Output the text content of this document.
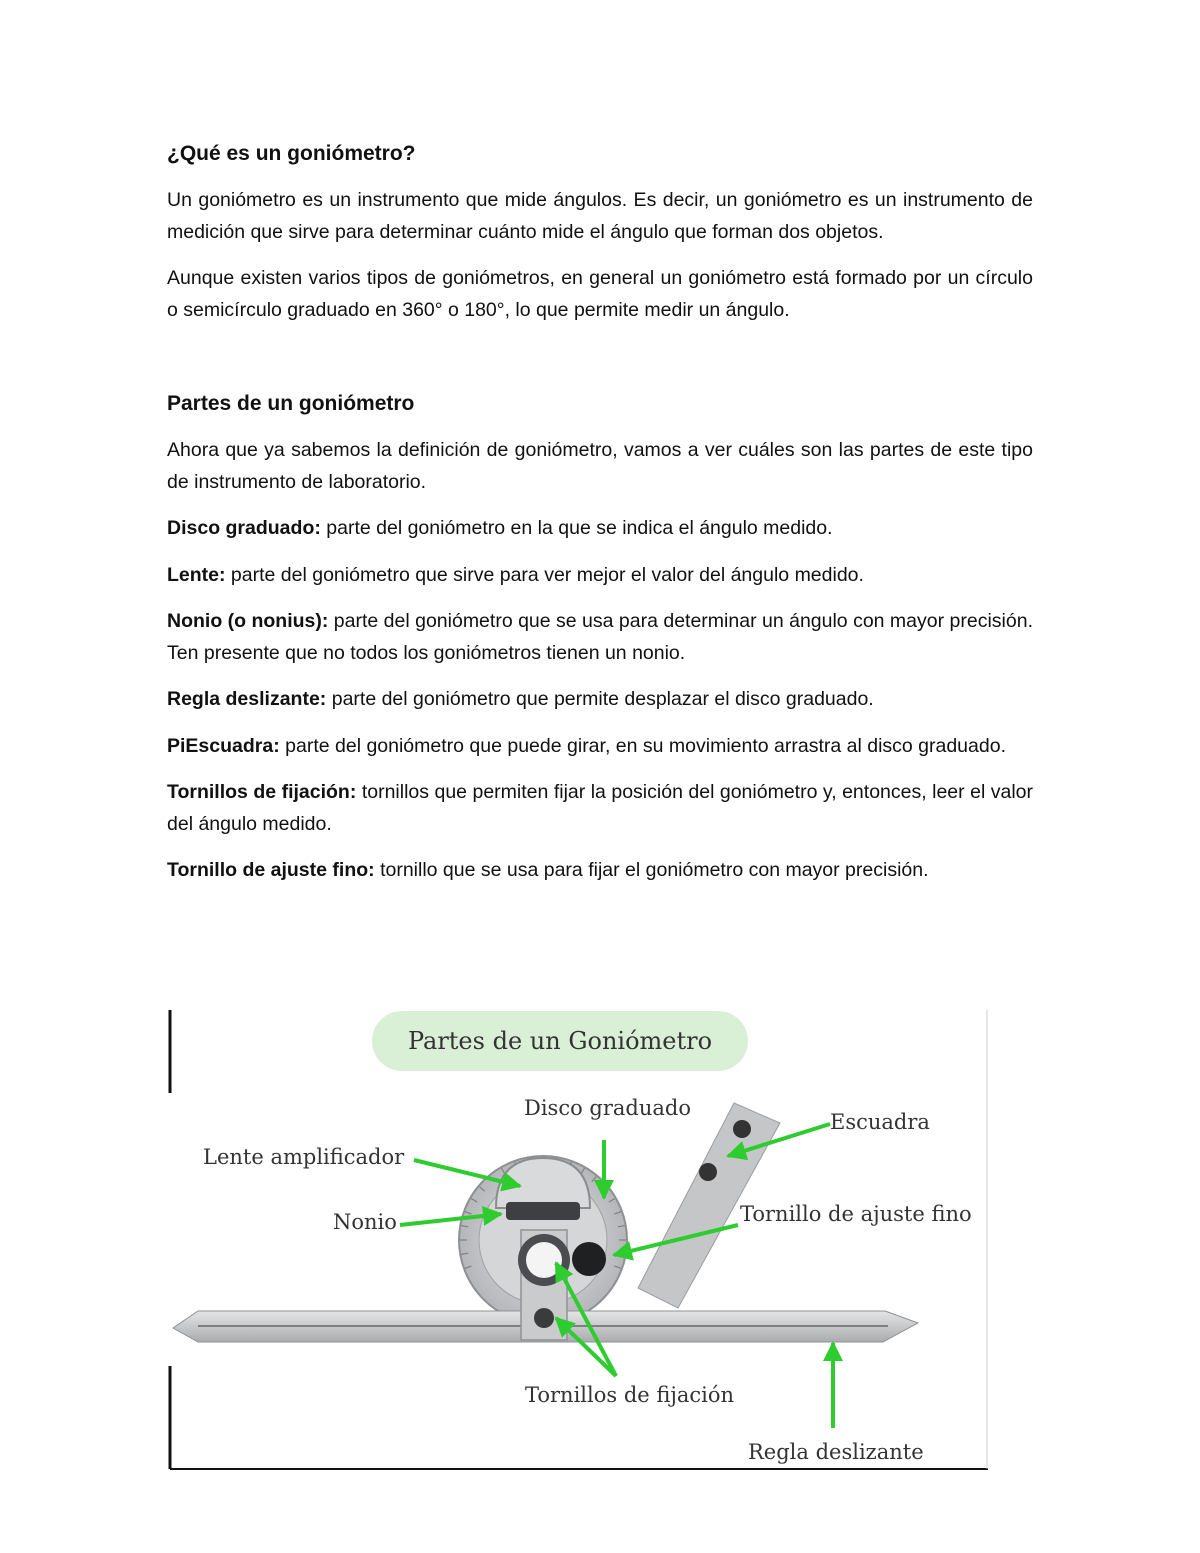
¿Qué es un goniómetro?

Un goniómetro es un instrumento que mide ángulos. Es decir, un goniómetro es un instrumento de medición que sirve para determinar cuánto mide el ángulo que forman dos objetos.

Aunque existen varios tipos de goniómetros, en general un goniómetro está formado por un círculo o semicírculo graduado en 360° o 180°, lo que permite medir un ángulo.

Partes de un goniómetro

Ahora que ya sabemos la definición de goniómetro, vamos a ver cuáles son las partes de este tipo de instrumento de laboratorio.

Disco graduado: parte del goniómetro en la que se indica el ángulo medido.

Lente: parte del goniómetro que sirve para ver mejor el valor del ángulo medido.

Nonio (o nonius): parte del goniómetro que se usa para determinar un ángulo con mayor precisión. Ten presente que no todos los goniómetros tienen un nonio.

Regla deslizante: parte del goniómetro que permite desplazar el disco graduado.

PiEscuadra: parte del goniómetro que puede girar, en su movimiento arrastra al disco graduado.

Tornillos de fijación: tornillos que permiten fijar la posición del goniómetro y, entonces, leer el valor del ángulo medido.

Tornillo de ajuste fino: tornillo que se usa para fijar el goniómetro con mayor precisión.

Partes de un Goniómetro
Disco graduado
Escuadra
Lente amplificador
Nonio	Tornillo de ajuste fino
Tornillos de fijación
Regla deslizante
